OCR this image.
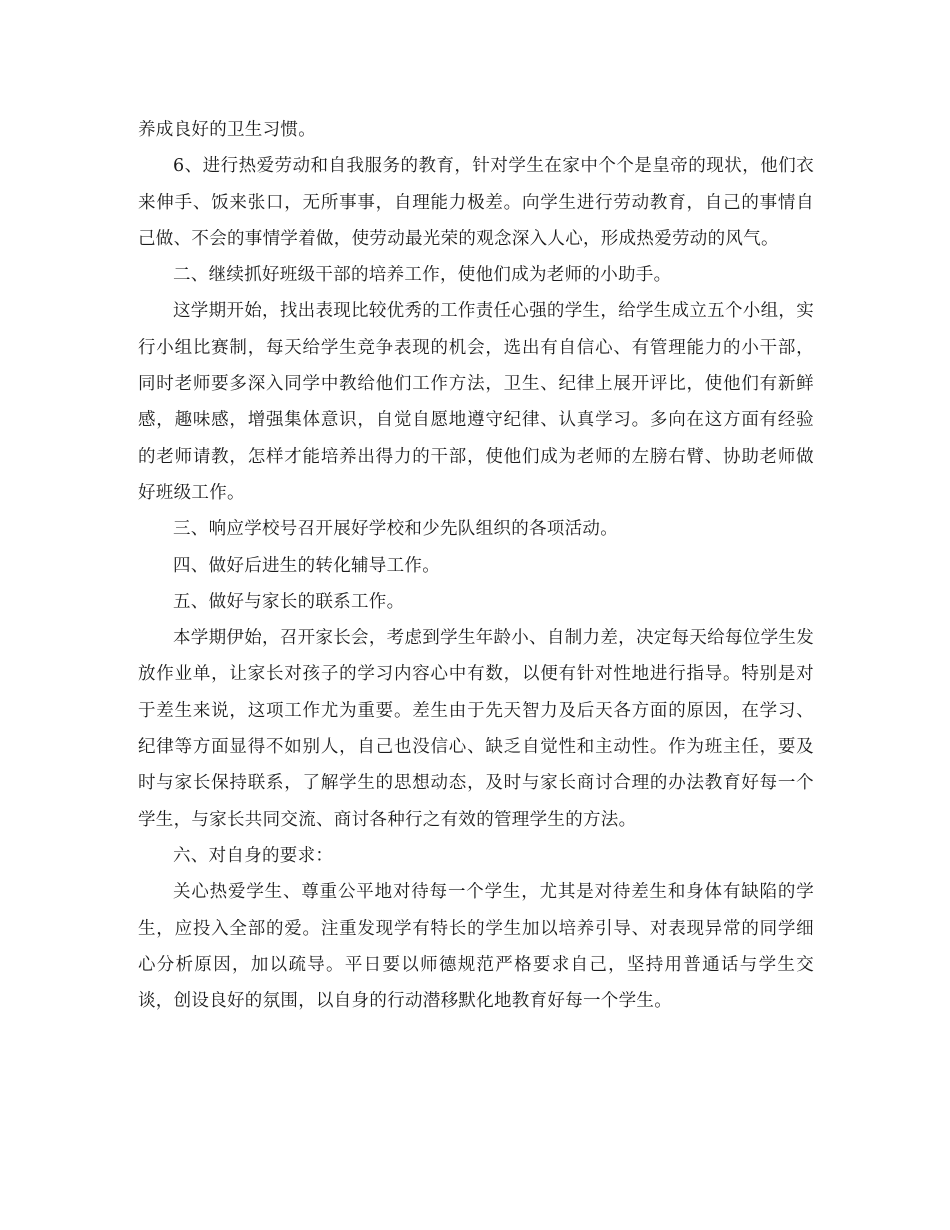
养成良好的卫生习惯。

6、进行热爱劳动和自我服务的教育，针对学生在家中个个是皇帝的现状，他们衣来伸手、饭来张口，无所事事，自理能力极差。向学生进行劳动教育，自己的事情自己做、不会的事情学着做，使劳动最光荣的观念深入人心，形成热爱劳动的风气。

二、继续抓好班级干部的培养工作，使他们成为老师的小助手。

这学期开始，找出表现比较优秀的工作责任心强的学生，给学生成立五个小组，实行小组比赛制，每天给学生竞争表现的机会，选出有自信心、有管理能力的小干部，同时老师要多深入同学中教给他们工作方法，卫生、纪律上展开评比，使他们有新鲜感，趣味感，增强集体意识，自觉自愿地遵守纪律、认真学习。多向在这方面有经验的老师请教，怎样才能培养出得力的干部，使他们成为老师的左膀右臂、协助老师做好班级工作。

三、响应学校号召开展好学校和少先队组织的各项活动。

四、做好后进生的转化辅导工作。

五、做好与家长的联系工作。

本学期伊始，召开家长会，考虑到学生年龄小、自制力差，决定每天给每位学生发放作业单，让家长对孩子的学习内容心中有数，以便有针对性地进行指导。特别是对于差生来说，这项工作尤为重要。差生由于先天智力及后天各方面的原因，在学习、纪律等方面显得不如别人，自己也没信心、缺乏自觉性和主动性。作为班主任，要及时与家长保持联系，了解学生的思想动态，及时与家长商讨合理的办法教育好每一个学生，与家长共同交流、商讨各种行之有效的管理学生的方法。

六、对自身的要求：

关心热爱学生、尊重公平地对待每一个学生，尤其是对待差生和身体有缺陷的学生，应投入全部的爱。注重发现学有特长的学生加以培养引导、对表现异常的同学细心分析原因，加以疏导。平日要以师德规范严格要求自己，坚持用普通话与学生交谈，创设良好的氛围，以自身的行动潜移默化地教育好每一个学生。
